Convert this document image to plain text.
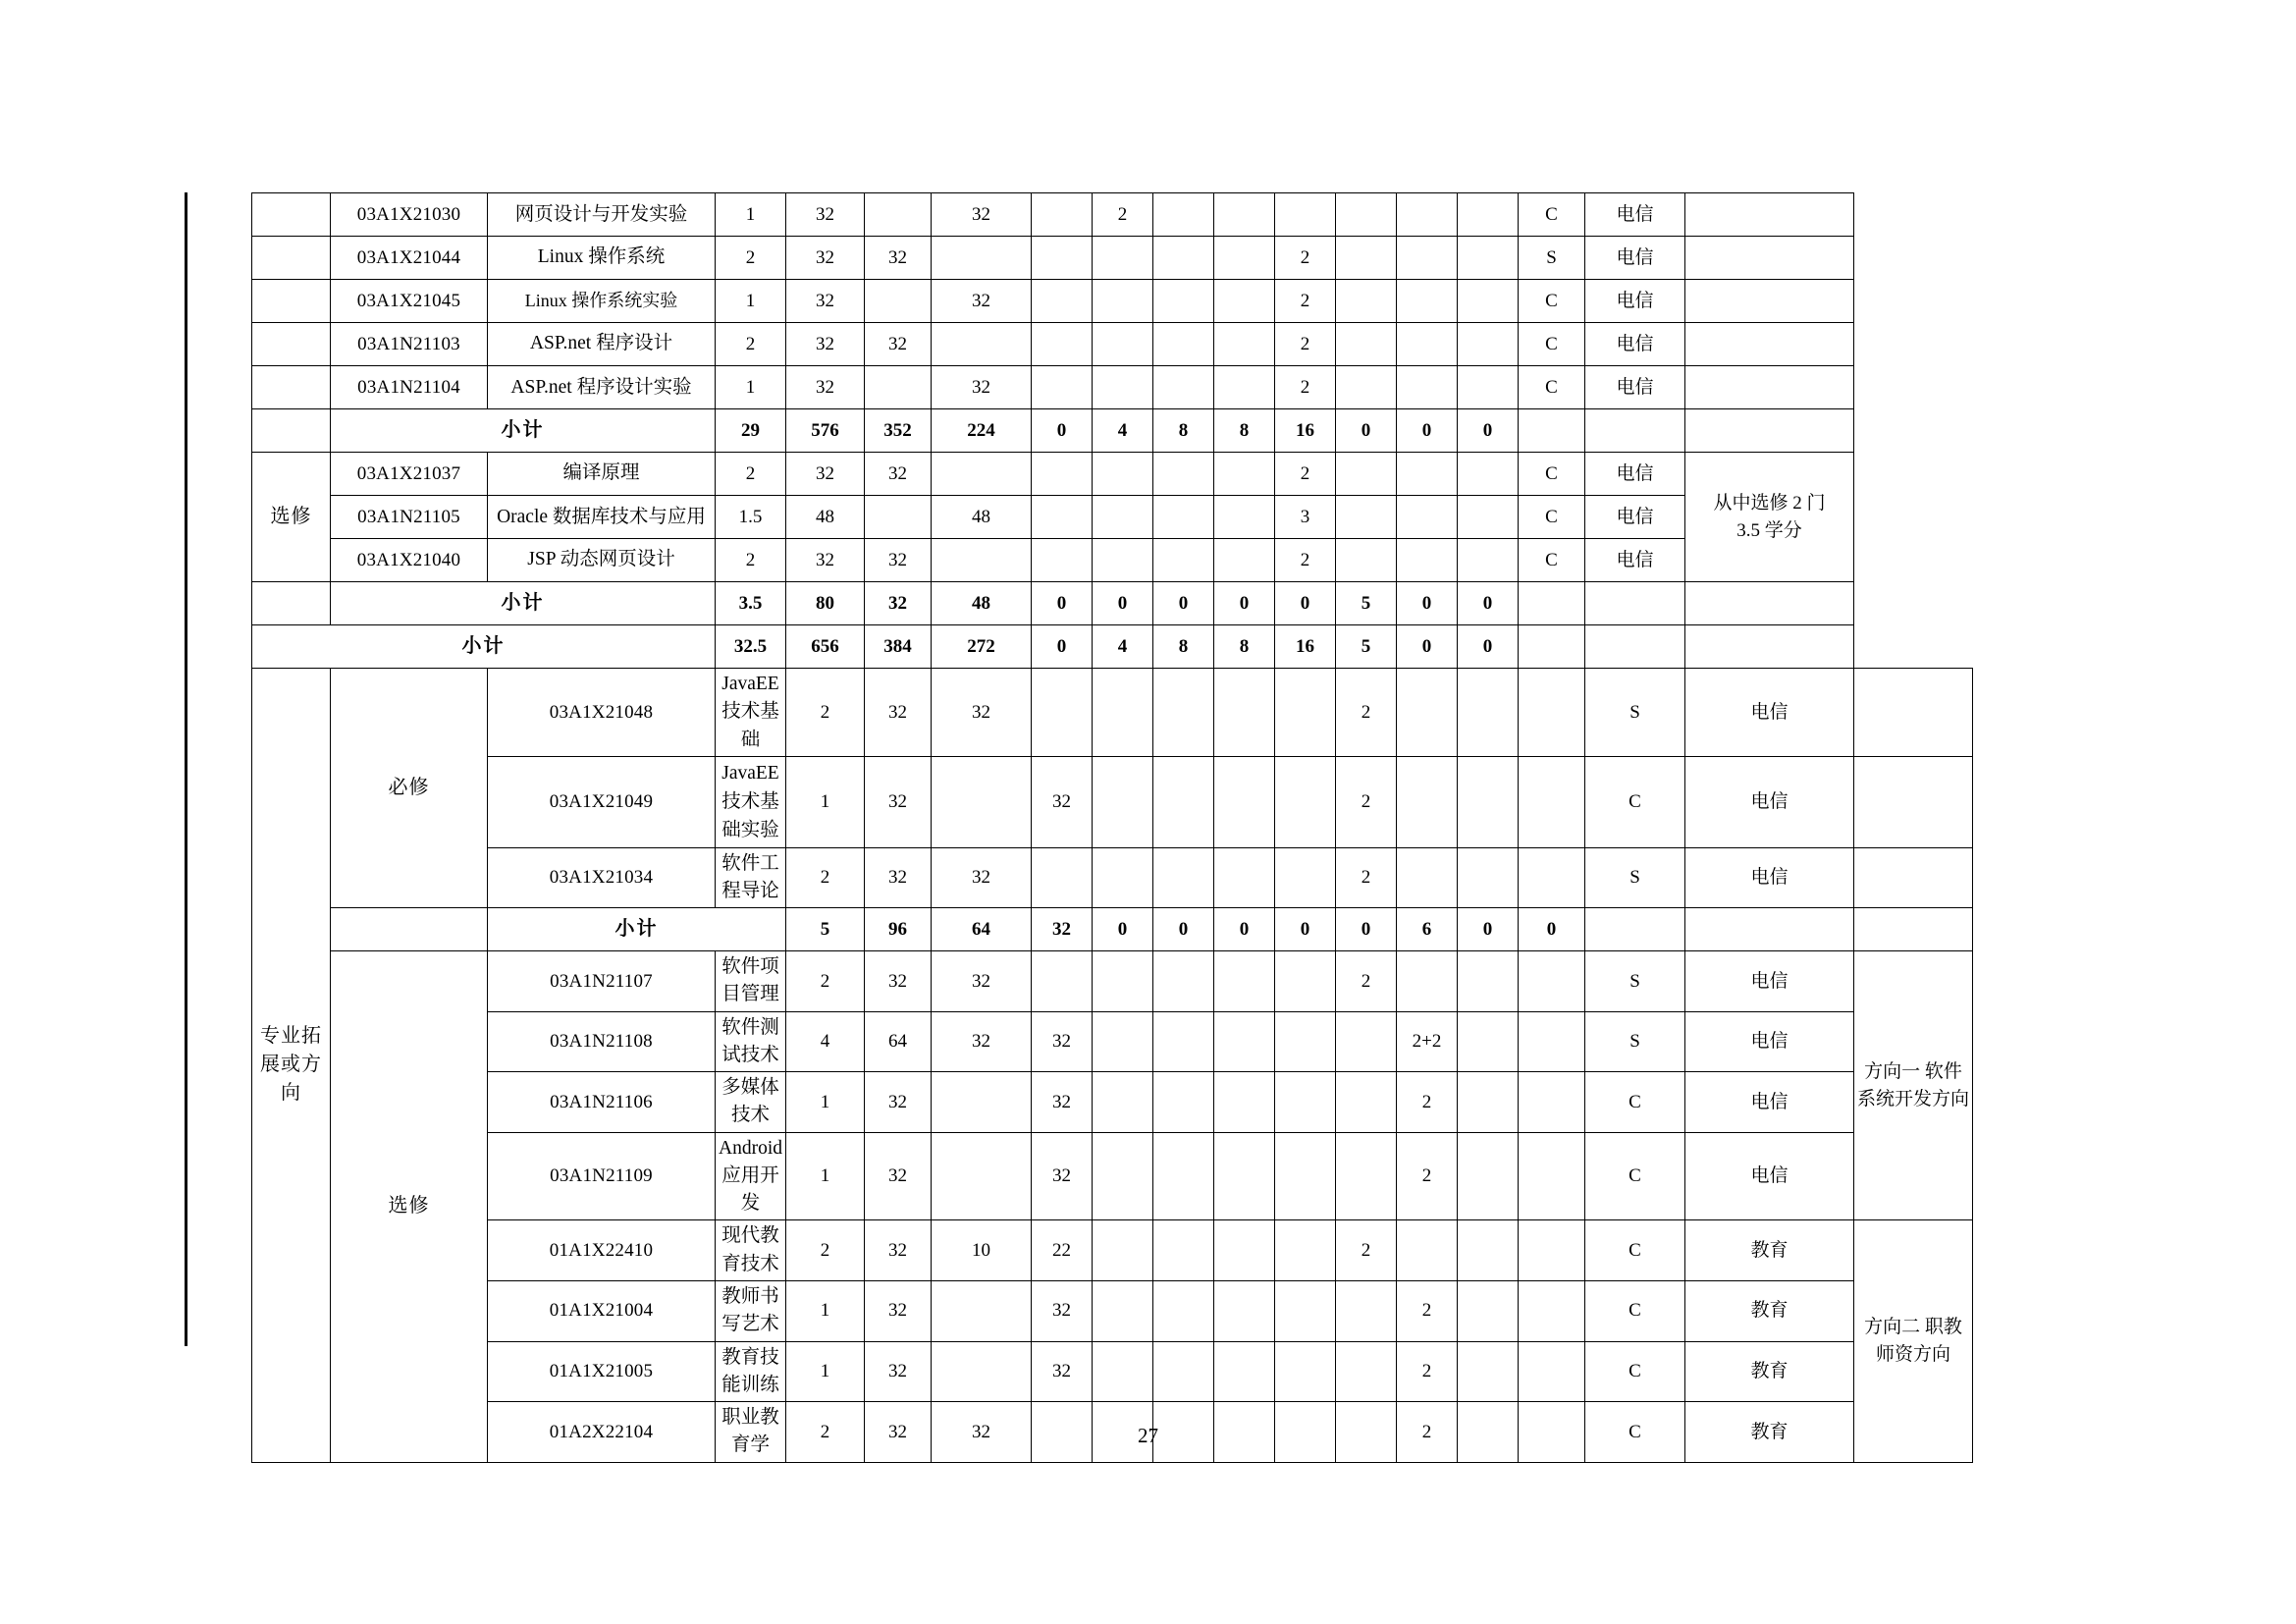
	03A1X21030	网页设计与开发实验	1	32		32		2							C	电信		
	03A1X21044	Linux 操作系统	2	32	32						2				S	电信		
	03A1X21045	Linux 操作系统实验	1	32		32					2				C	电信		
	03A1N21103	ASP.net 程序设计	2	32	32						2				C	电信		
	03A1N21104	ASP.net 程序设计实验	1	32		32					2				C	电信		
	小计		29	576	352	224	0	4	8	8	16	0	0	0				
选修	03A1X21037	编译原理	2	32	32						2				C	电信	从中选修 2 门
3.5 学分	

	03A1N21105	Oracle 数据库技术与应用	1.5	48		48					3				C	电信		
	03A1X21040	JSP 动态网页设计	2	32	32						2				C	电信		
	小计		3.5	80	32	48	0	0	0	0	0	5	0	0				
小计			32.5	656	384	272	0	4	8	8	16	5	0	0				

专业拓展或方向	必修	03A1X21048	JavaEE 技术基础	2	32	32						2				S	电信	
		03A1X21049	JavaEE 技术基础实验	1	32		32					2				C	电信	
		03A1X21034	软件工程导论	2	32	32						2				S	电信	
		小计		5	96	64	32	0	0	0	0	0	6	0	0			
	选修	03A1N21107	软件项目管理	2	32	32						2				S	电信	方向一 软件
系统开发方向

		03A1N21108	软件测试技术	4	64	32	32						2+2			S	电信	
		03A1N21106	多媒体技术	1	32		32						2			C	电信	
		03A1N21109	Android 应用开发	1	32		32						2			C	电信	
		01A1X22410	现代教育技术	2	32	10	22					2				C	教育	方向二 职教
师资方向

		01A1X21004	教师书写艺术	1	32		32						2			C	教育	
		01A1X21005	教育技能训练	1	32		32						2			C	教育	
		01A2X22104	职业教育学	2	32	32							2			C	教育	
27
